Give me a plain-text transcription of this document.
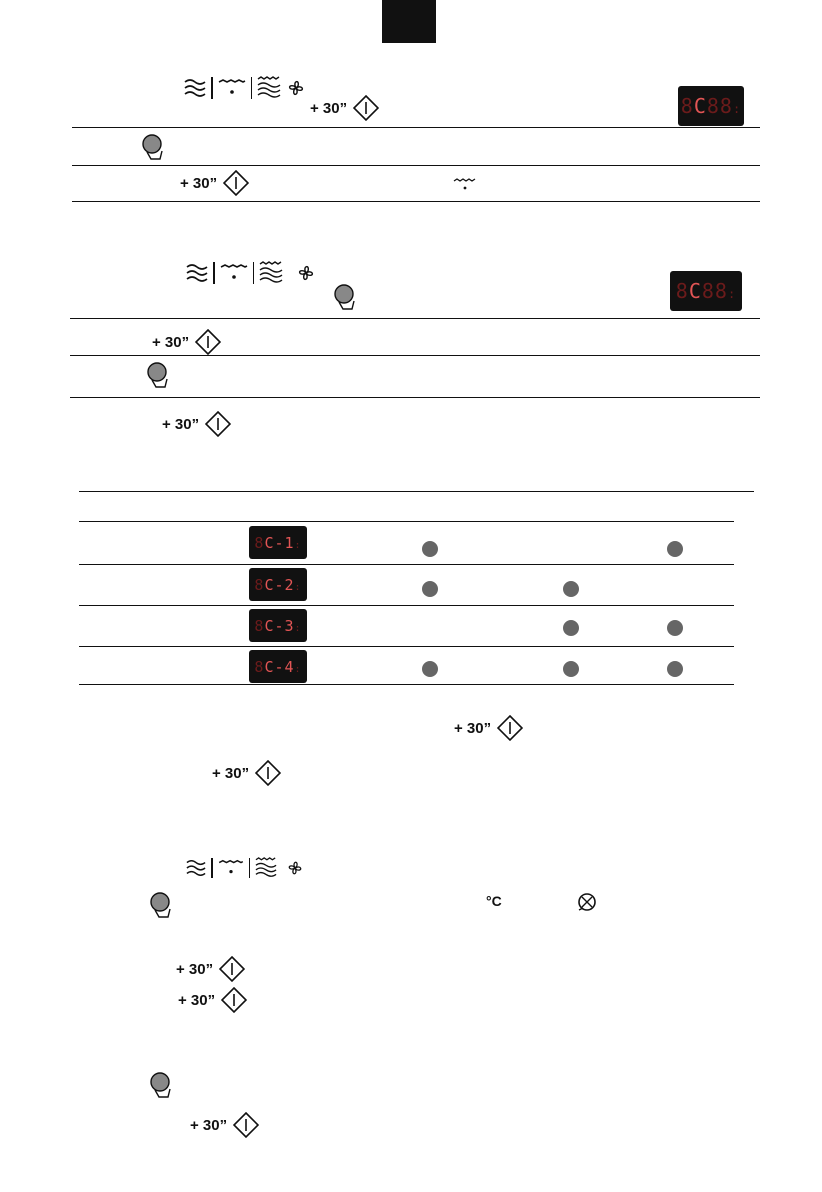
+ 30”	8C88:
+ 30”
8C88:
+ 30”
+ 30”
8C-1:
8C-2:
8C-3:
8C-4:
+ 30”
+ 30”
°C
+ 30”
+ 30”
+ 30”
